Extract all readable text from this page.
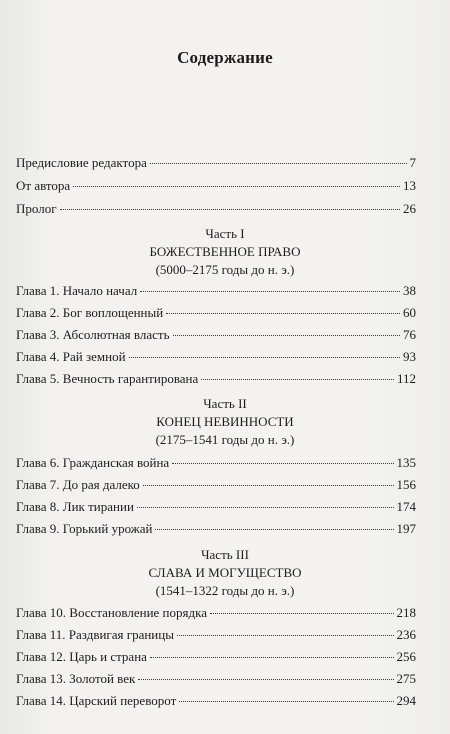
Содержание
Предисловие редактора	7
От автора	13
Пролог	26
Часть I
БОЖЕСТВЕННОЕ ПРАВО
(5000–2175 годы до н. э.)
Глава 1. Начало начал	38
Глава 2. Бог воплощенный	60
Глава 3. Абсолютная власть	76
Глава 4. Рай земной	93
Глава 5. Вечность гарантирована	112
Часть II
КОНЕЦ НЕВИННОСТИ
(2175–1541 годы до н. э.)
Глава 6. Гражданская война	135
Глава 7. До рая далеко	156
Глава 8. Лик тирании	174
Глава 9. Горький урожай	197
Часть III
СЛАВА И МОГУЩЕСТВО
(1541–1322 годы до н. э.)
Глава 10. Восстановление порядка	218
Глава 11. Раздвигая границы	236
Глава 12. Царь и страна	256
Глава 13. Золотой век	275
Глава 14. Царский переворот	294
